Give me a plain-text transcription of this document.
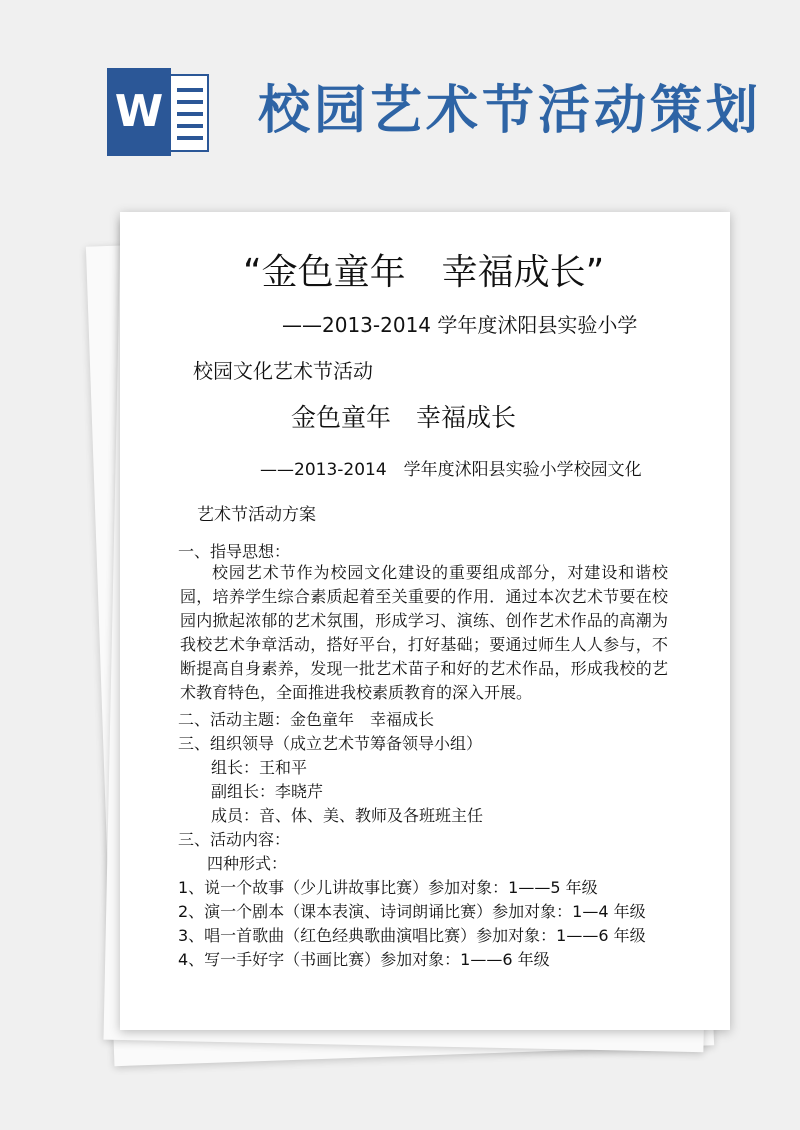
W 校园艺术节活动策划
“金色童年　幸福成长”
——2013-2014 学年度沭阳县实验小学
校园文化艺术节活动
金色童年　幸福成长
——2013-2014　学年度沭阳县实验小学校园文化
艺术节活动方案
一、指导思想：
校园艺术节作为校园文化建设的重要组成部分，对建设和谐校园，培养学生综合素质起着至关重要的作用．通过本次艺术节要在校园内掀起浓郁的艺术氛围，形成学习、演练、创作艺术作品的高潮为我校艺术争章活动，搭好平台，打好基础；要通过师生人人参与，不断提高自身素养，发现一批艺术苗子和好的艺术作品，形成我校的艺术教育特色，全面推进我校素质教育的深入开展。
二、活动主题：金色童年　幸福成长
三、组织领导（成立艺术节筹备领导小组）
组长：王和平
副组长：李晓芹
成员：音、体、美、教师及各班班主任
三、活动内容：
四种形式：
1、说一个故事（少儿讲故事比赛）参加对象：1——5 年级
2、演一个剧本（课本表演、诗词朗诵比赛）参加对象：1—4 年级
3、唱一首歌曲（红色经典歌曲演唱比赛）参加对象：1——6 年级
4、写一手好字（书画比赛）参加对象：1——6 年级
